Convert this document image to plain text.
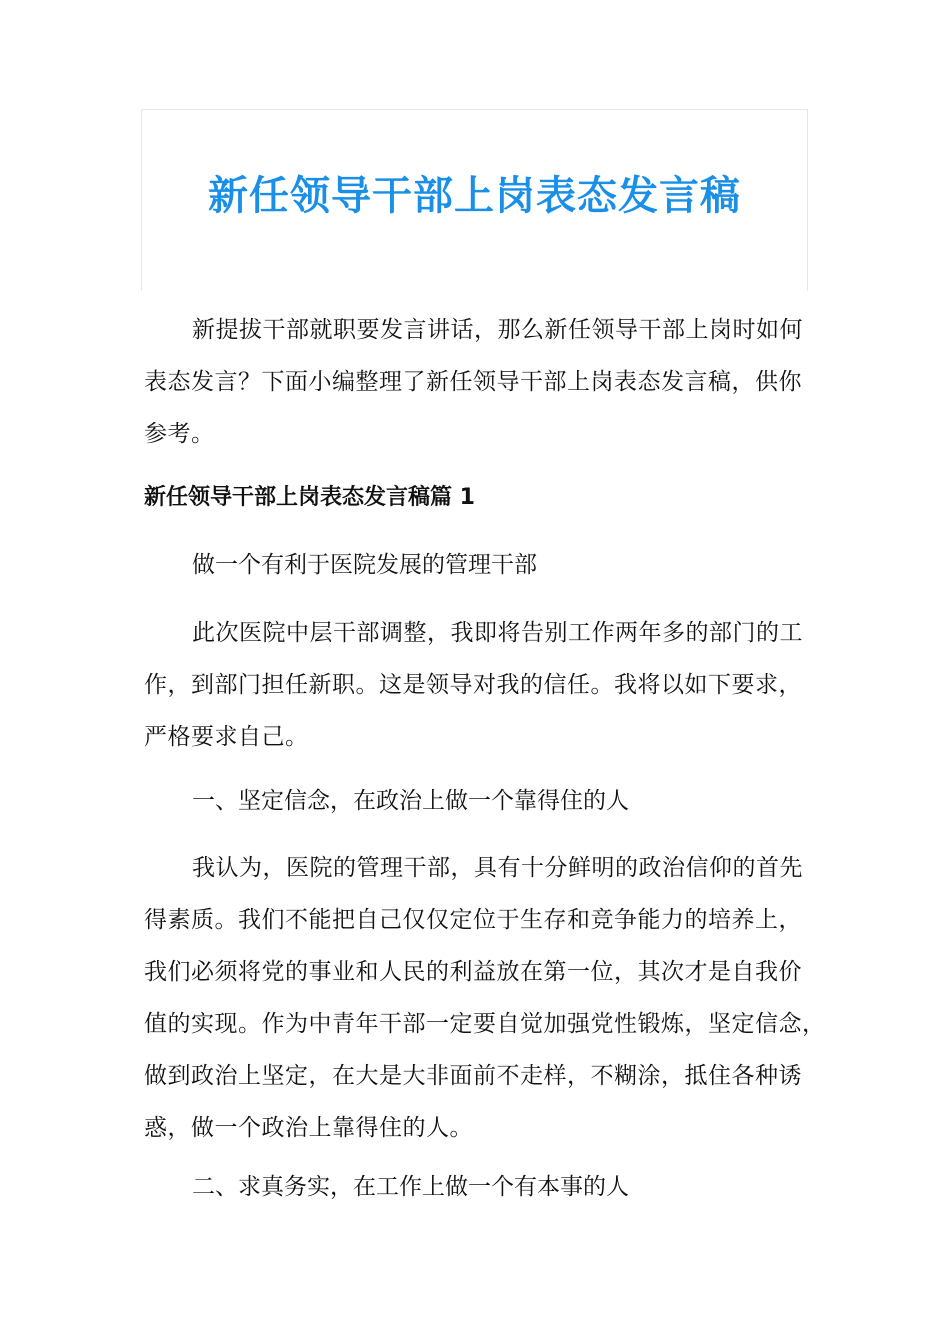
新任领导干部上岗表态发言稿
新提拔干部就职要发言讲话，那么新任领导干部上岗时如何
表态发言？下面小编整理了新任领导干部上岗表态发言稿，供你
参考。
新任领导干部上岗表态发言稿篇 1
做一个有利于医院发展的管理干部
此次医院中层干部调整，我即将告别工作两年多的部门的工
作，到部门担任新职。这是领导对我的信任。我将以如下要求，
严格要求自己。
一、坚定信念，在政治上做一个靠得住的人
我认为，医院的管理干部，具有十分鲜明的政治信仰的首先
得素质。我们不能把自己仅仅定位于生存和竞争能力的培养上，
我们必须将党的事业和人民的利益放在第一位，其次才是自我价
值的实现。作为中青年干部一定要自觉加强党性锻炼，坚定信念，
做到政治上坚定，在大是大非面前不走样，不糊涂，抵住各种诱
惑，做一个政治上靠得住的人。
二、求真务实，在工作上做一个有本事的人
